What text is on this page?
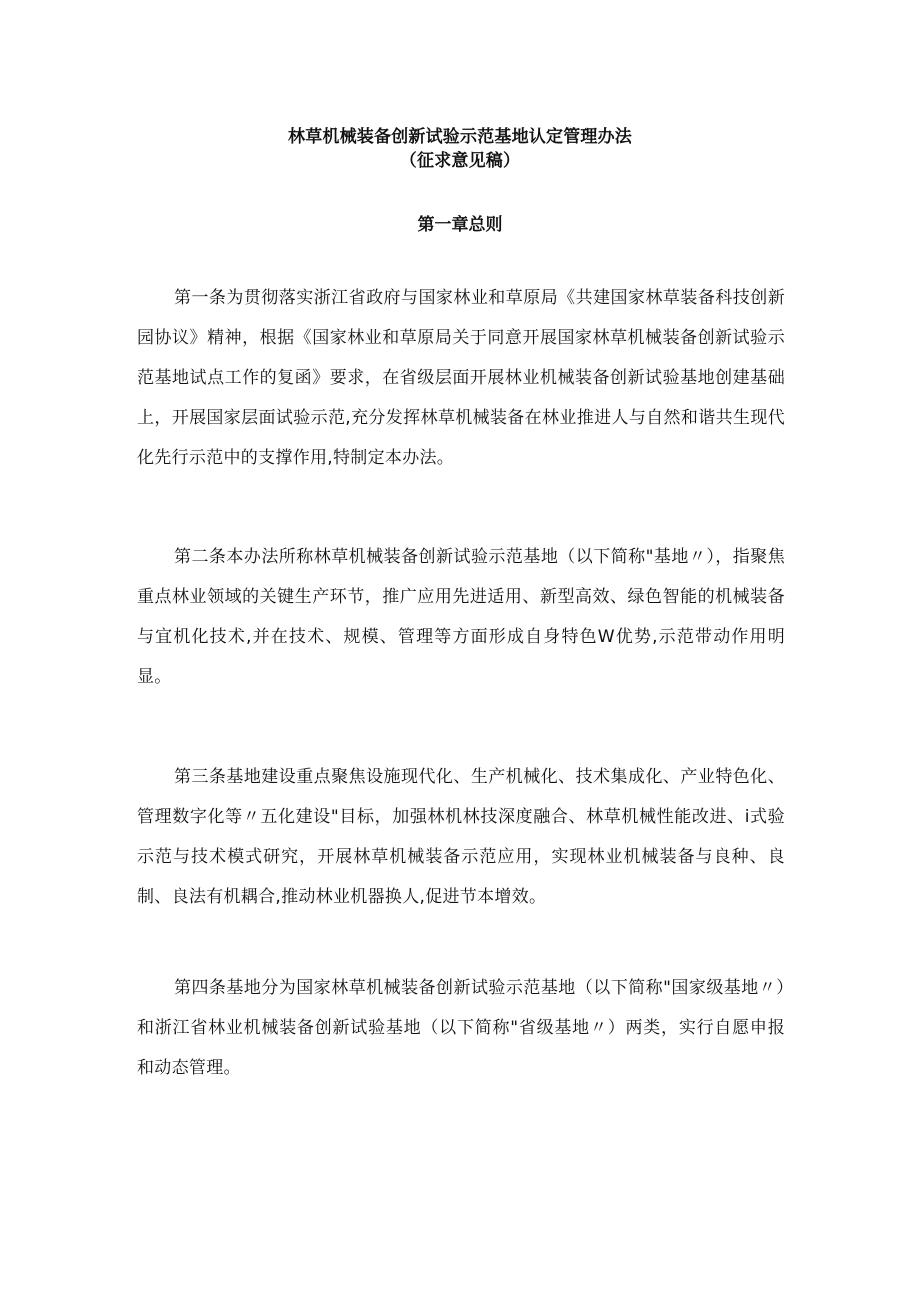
林草机械装备创新试验示范基地认定管理办法
（征求意见稿）
第一章总则

第一条为贯彻落实浙江省政府与国家林业和草原局《共建国家林草装备科技创新园协议》精神，根据《国家林业和草原局关于同意开展国家林草机械装备创新试验示范基地试点工作的复函》要求，在省级层面开展林业机械装备创新试验基地创建基础上，开展国家层面试验示范,充分发挥林草机械装备在林业推进人与自然和谐共生现代化先行示范中的支撑作用,特制定本办法。

第二条本办法所称林草机械装备创新试验示范基地（以下简称"基地〃），指聚焦重点林业领域的关键生产环节，推广应用先进适用、新型高效、绿色智能的机械装备与宜机化技术,并在技术、规模、管理等方面形成自身特色W优势,示范带动作用明显。

第三条基地建设重点聚焦设施现代化、生产机械化、技术集成化、产业特色化、管理数字化等〃五化建设"目标，加强林机林技深度融合、林草机械性能改进、i式验示范与技术模式研究，开展林草机械装备示范应用，实现林业机械装备与良种、良制、良法有机耦合,推动林业机器换人,促进节本增效。

第四条基地分为国家林草机械装备创新试验示范基地（以下简称"国家级基地〃）和浙江省林业机械装备创新试验基地（以下简称"省级基地〃）两类，实行自愿申报和动态管理。
